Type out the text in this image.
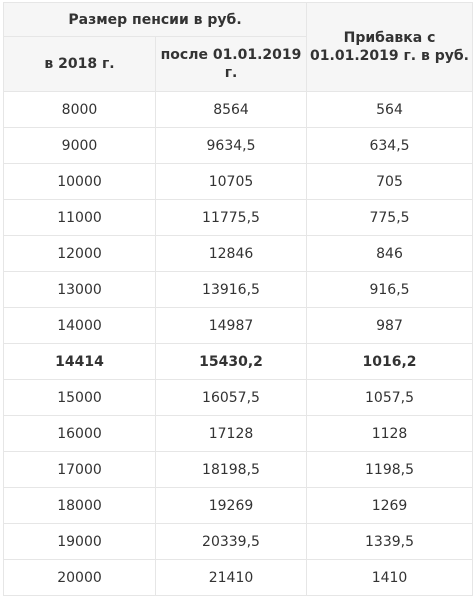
Размер пенсии в руб.		Прибавка с 01.01.2019 г. в руб.
в 2018 г.	после 01.01.2019 г.	
8000	8564	564
9000	9634,5	634,5
10000	10705	705
11000	11775,5	775,5
12000	12846	846
13000	13916,5	916,5
14000	14987	987
14414	15430,2	1016,2
15000	16057,5	1057,5
16000	17128	1128
17000	18198,5	1198,5
18000	19269	1269
19000	20339,5	1339,5
20000	21410	1410
